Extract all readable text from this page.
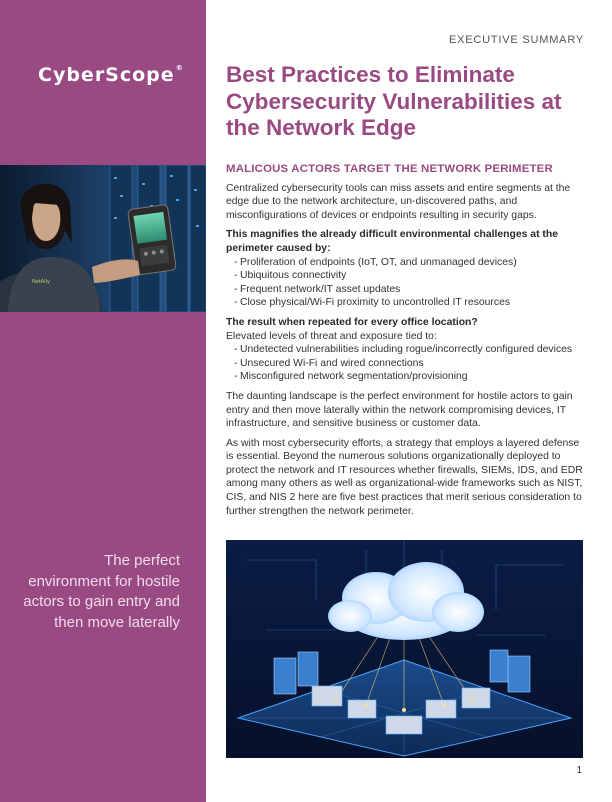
CyberScope®
NetAlly
The perfect environment for hostile actors to gain entry and then move laterally
EXECUTIVE SUMMARY
Best Practices to Eliminate Cybersecurity Vulnerabilities at the Network Edge
MALICOUS ACTORS TARGET THE NETWORK PERIMETER

Centralized cybersecurity tools can miss assets and entire segments at the edge due to the network architecture, un-discovered paths, and misconfigurations of devices or endpoints resulting in security gaps.

This magnifies the already difficult environmental challenges at the perimeter caused by:

- Proliferation of endpoints (IoT, OT, and unmanaged devices)
- Ubiquitous connectivity
- Frequent network/IT asset updates
- Close physical/Wi-Fi proximity to uncontrolled IT resources

The result when repeated for every office location?

Elevated levels of threat and exposure tied to:

- Undetected vulnerabilities including rogue/incorrectly configured devices
- Unsecured Wi-Fi and wired connections
- Misconfigured network segmentation/provisioning

The daunting landscape is the perfect environment for hostile actors to gain entry and then move laterally within the network compromising devices, IT infrastructure, and sensitive business or customer data.

As with most cybersecurity efforts, a strategy that employs a layered defense is essential. Beyond the numerous solutions organizationally deployed to protect the network and IT resources whether firewalls, SIEMs, IDS, and EDR among many others as well as organizational-wide frameworks such as NIST, CIS, and NIS 2 here are five best practices that merit serious consideration to further strengthen the network perimeter.

1
